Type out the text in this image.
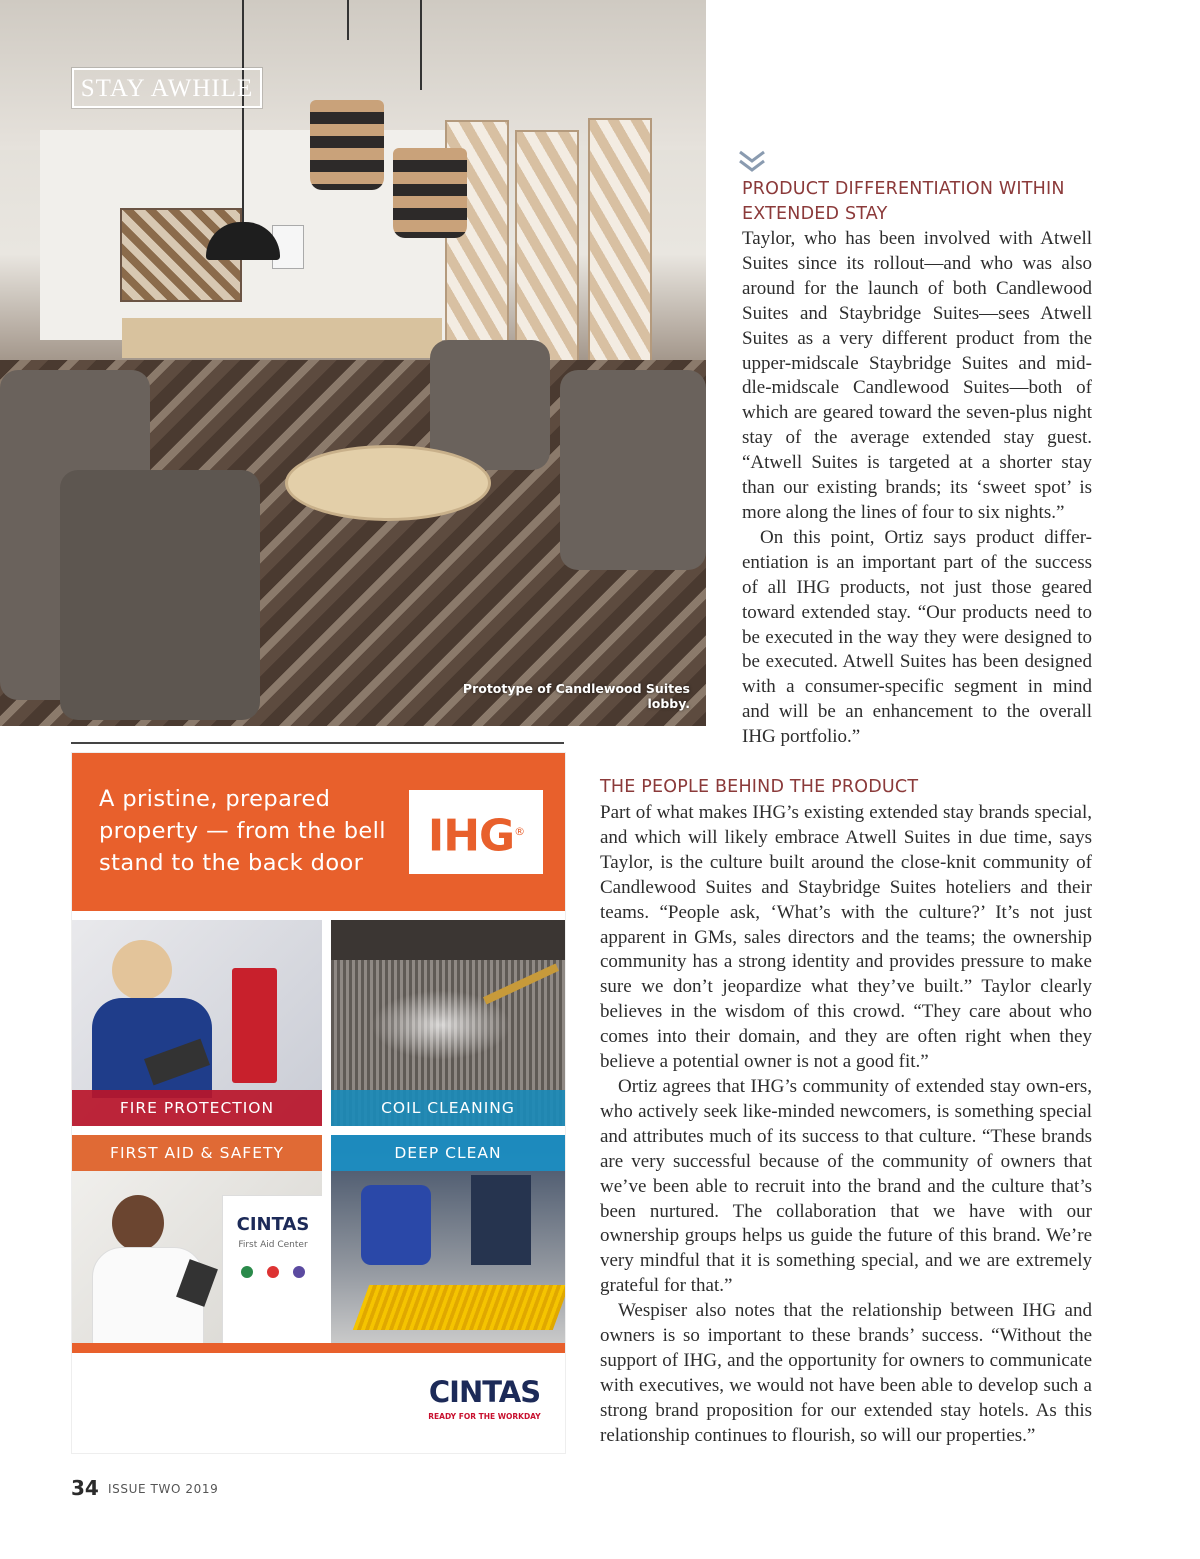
STAY AWHILE
Prototype of Candlewood Suites lobby.
PRODUCT DIFFERENTIATION WITHIN EXTENDED STAY

Taylor, who has been involved with Atwell Suites since its rollout—and who was also around for the launch of both Candlewood Suites and Staybridge Suites—sees Atwell Suites as a very different product from the upper-midscale Staybridge Suites and mid-dle-midscale Candlewood Suites—both of which are geared toward the seven-plus night stay of the average extended stay guest. “Atwell Suites is targeted at a shorter stay than our existing brands; its ‘sweet spot’ is more along the lines of four to six nights.”

On this point, Ortiz says product differ-entiation is an important part of the success of all IHG products, not just those geared toward extended stay. “Our products need to be executed in the way they were designed to be executed. Atwell Suites has been designed with a consumer-specific segment in mind and will be an enhancement to the overall IHG portfolio.”

THE PEOPLE BEHIND THE PRODUCT

Part of what makes IHG’s existing extended stay brands special, and which will likely embrace Atwell Suites in due time, says Taylor, is the culture built around the close-knit community of Candlewood Suites and Staybridge Suites hoteliers and their teams. “People ask, ‘What’s with the culture?’ It’s not just apparent in GMs, sales directors and the teams; the ownership community has a strong identity and provides pressure to make sure we don’t jeopardize what they’ve built.” Taylor clearly believes in the wisdom of this crowd. “They care about who comes into their domain, and they are often right when they believe a potential owner is not a good fit.”

Ortiz agrees that IHG’s community of extended stay own-ers, who actively seek like-minded newcomers, is something special and attributes much of its success to that culture. “These brands are very successful because of the community of owners that we’ve been able to recruit into the brand and the culture that’s been nurtured. The collaboration that we have with our ownership groups helps us guide the future of this brand. We’re very mindful that it is something special, and we are extremely grateful for that.”

Wespiser also notes that the relationship between IHG and owners is so important to these brands’ success. “Without the support of IHG, and the opportunity for owners to communicate with executives, we would not have been able to develop such a strong brand proposition for our extended stay hotels. As this relationship continues to flourish, so will our properties.”

A pristine, prepared property — from the bell stand to the back door
IHG®
FIRE PROTECTION	COIL CLEANING
FIRST AID & SAFETY
CINTAS
First Aid Center
DEEP CLEAN
CINTAS
READY FOR THE WORKDAY
34 ISSUE TWO 2019
